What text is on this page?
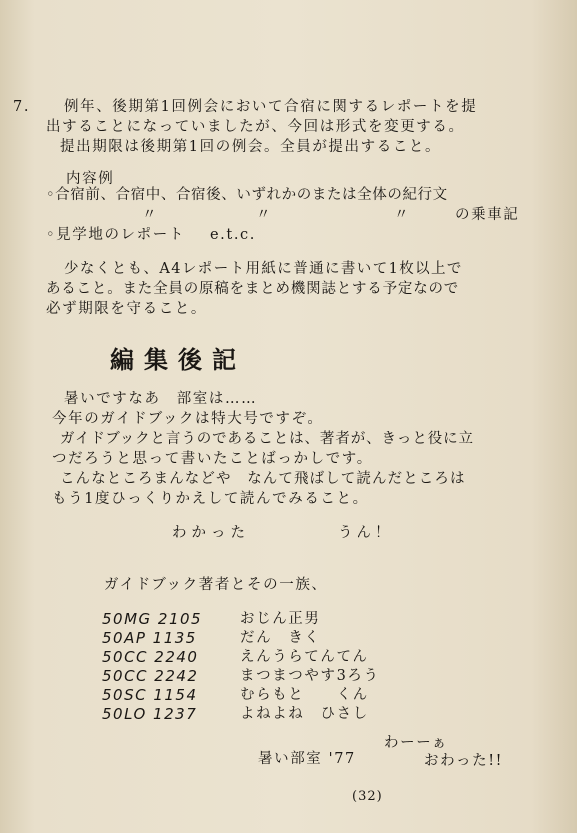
7. 例年、後期第1回例会において合宿に関するレポートを提
出することになっていましたが、今回は形式を変更する。
提出期限は後期第1回の例会。全員が提出すること。
内容例
◦合宿前、合宿中、合宿後、いずれかのまたは全体の紀行文
〃	〃	〃	の乗車記
◦見学地のレポート e.t.c.
少なくとも、A4レポート用紙に普通に書いて1枚以上で
あること。また全員の原稿をまとめ機関誌とする予定なので
必ず期限を守ること。
編集後記
暑いですなあ　部室は……
今年のガイドブックは特大号ですぞ。
ガイドブックと言うのであることは、著者が、きっと役に立
つだろうと思って書いたことばっかしです。
こんなところまんなどや　なんて飛ばして読んだところは
もう1度ひっくりかえして読んでみること。
わかった	うん！
ガイドブック著者とその一族、
50MG 2105	おじん正男
50AP 1135	だん　きく
50CC 2240	えんうらてんてん
50CC 2242	まつまつやす3ろう
50SC 1154	むらもと　　くん
50LO 1237	よねよね　ひさし
わーーぁ
暑い部室 '77	おわった!!
(32)
